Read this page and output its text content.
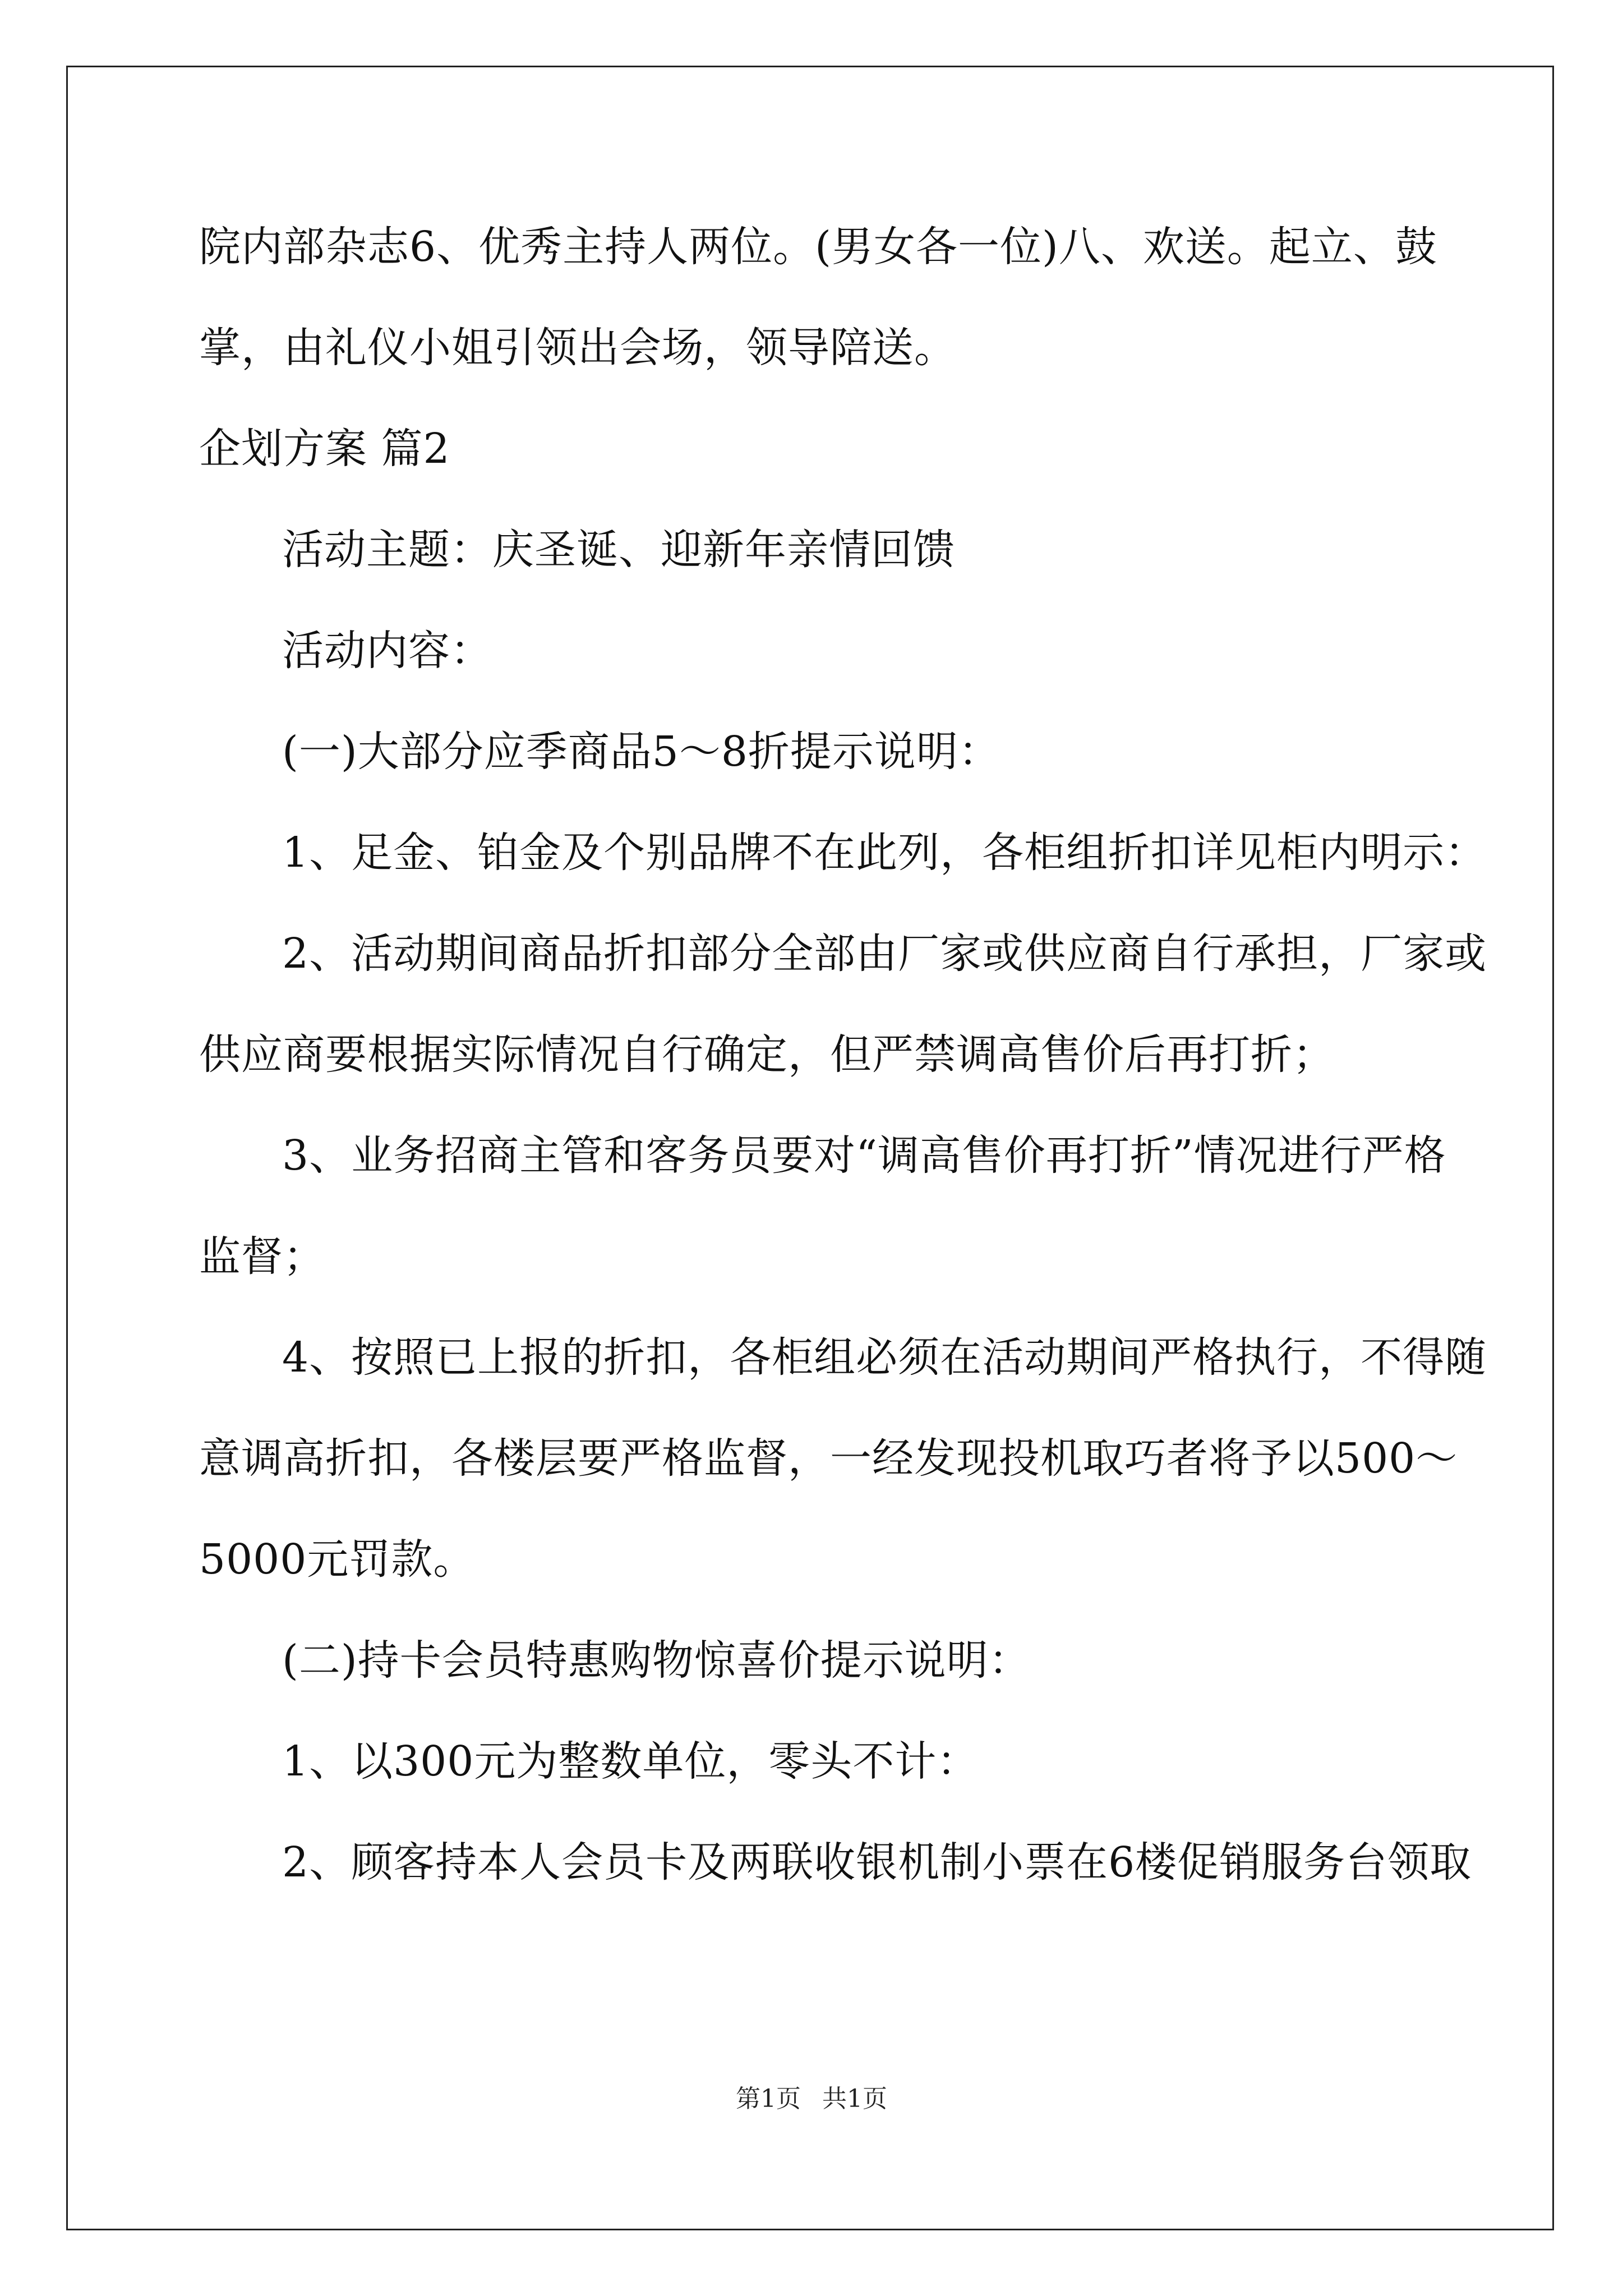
院内部杂志6、优秀主持人两位。(男女各一位)八、欢送。起立、鼓
掌，由礼仪小姐引领出会场，领导陪送。
企划方案 篇2
活动主题：庆圣诞、迎新年亲情回馈
活动内容：
(一)大部分应季商品5～8折提示说明：
1、足金、铂金及个别品牌不在此列，各柜组折扣详见柜内明示：
2、活动期间商品折扣部分全部由厂家或供应商自行承担，厂家或
供应商要根据实际情况自行确定，但严禁调高售价后再打折；
3、业务招商主管和客务员要对“调高售价再打折”情况进行严格
监督；
4、按照已上报的折扣，各柜组必须在活动期间严格执行，不得随
意调高折扣，各楼层要严格监督，一经发现投机取巧者将予以500～
5000元罚款。
(二)持卡会员特惠购物惊喜价提示说明：
1、以300元为整数单位，零头不计：
2、顾客持本人会员卡及两联收银机制小票在6楼促销服务台领取
第1页 共1页
